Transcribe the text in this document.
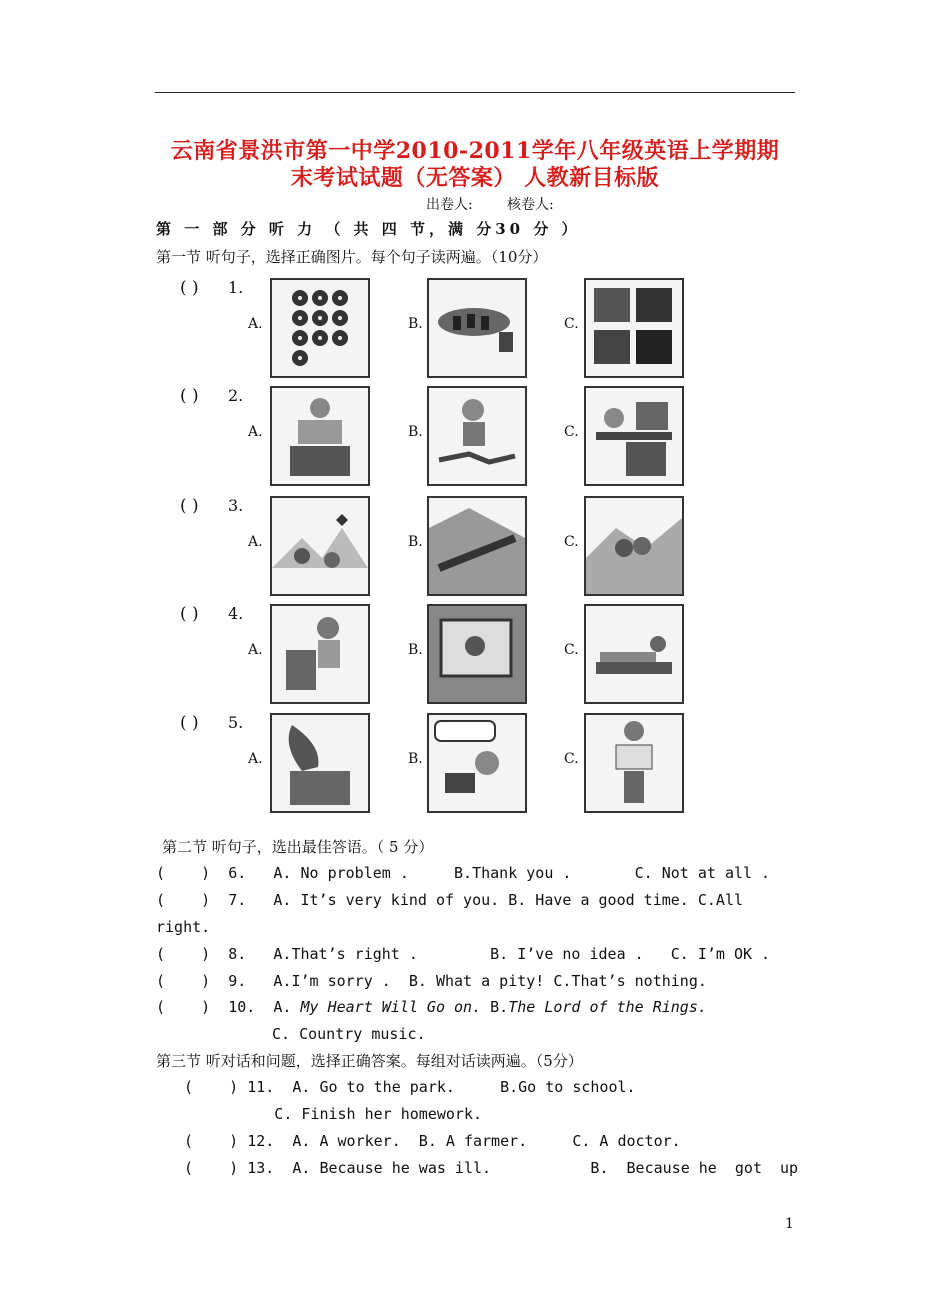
云南省景洪市第一中学2010-2011学年八年级英语上学期期
末考试试题（无答案） 人教新目标版
出卷人: 核卷人:
第 一 部 分 听 力 （ 共 四 节，满 分30 分 ）
第一节 听句子，选择正确图片。每个句子读两遍。（10分）
( ) 1.
A.	B.	C.
( ) 2.
A.	B.	C.
( ) 3.
A.	B.	C.
( ) 4.
A.	B.	C.
( ) 5.
A.	B.	C.
第二节 听句子，选出最佳答语。（ 5 分）
(    )  6.   A. No problem .     B.Thank you .       C. Not at all .
(    )  7.   A. It’s very kind of you. B. Have a good time. C.All
right.
(    )  8.   A.That’s right .        B. I’ve no idea .   C. I’m OK .
(    )  9.   A.I’m sorry .  B. What a pity! C.That’s nothing.
(    )  10.  A. My Heart Will Go on. B.The Lord of the Rings.
C. Country music.
第三节 听对话和问题，选择正确答案。每组对话读两遍。（5分）
(    ) 11.  A. Go to the park.     B.Go to school.
C. Finish her homework.
(    ) 12.  A. A worker.  B. A farmer.     C. A doctor.
(    ) 13.  A. Because he was ill.           B.  Because he  got  up
1
